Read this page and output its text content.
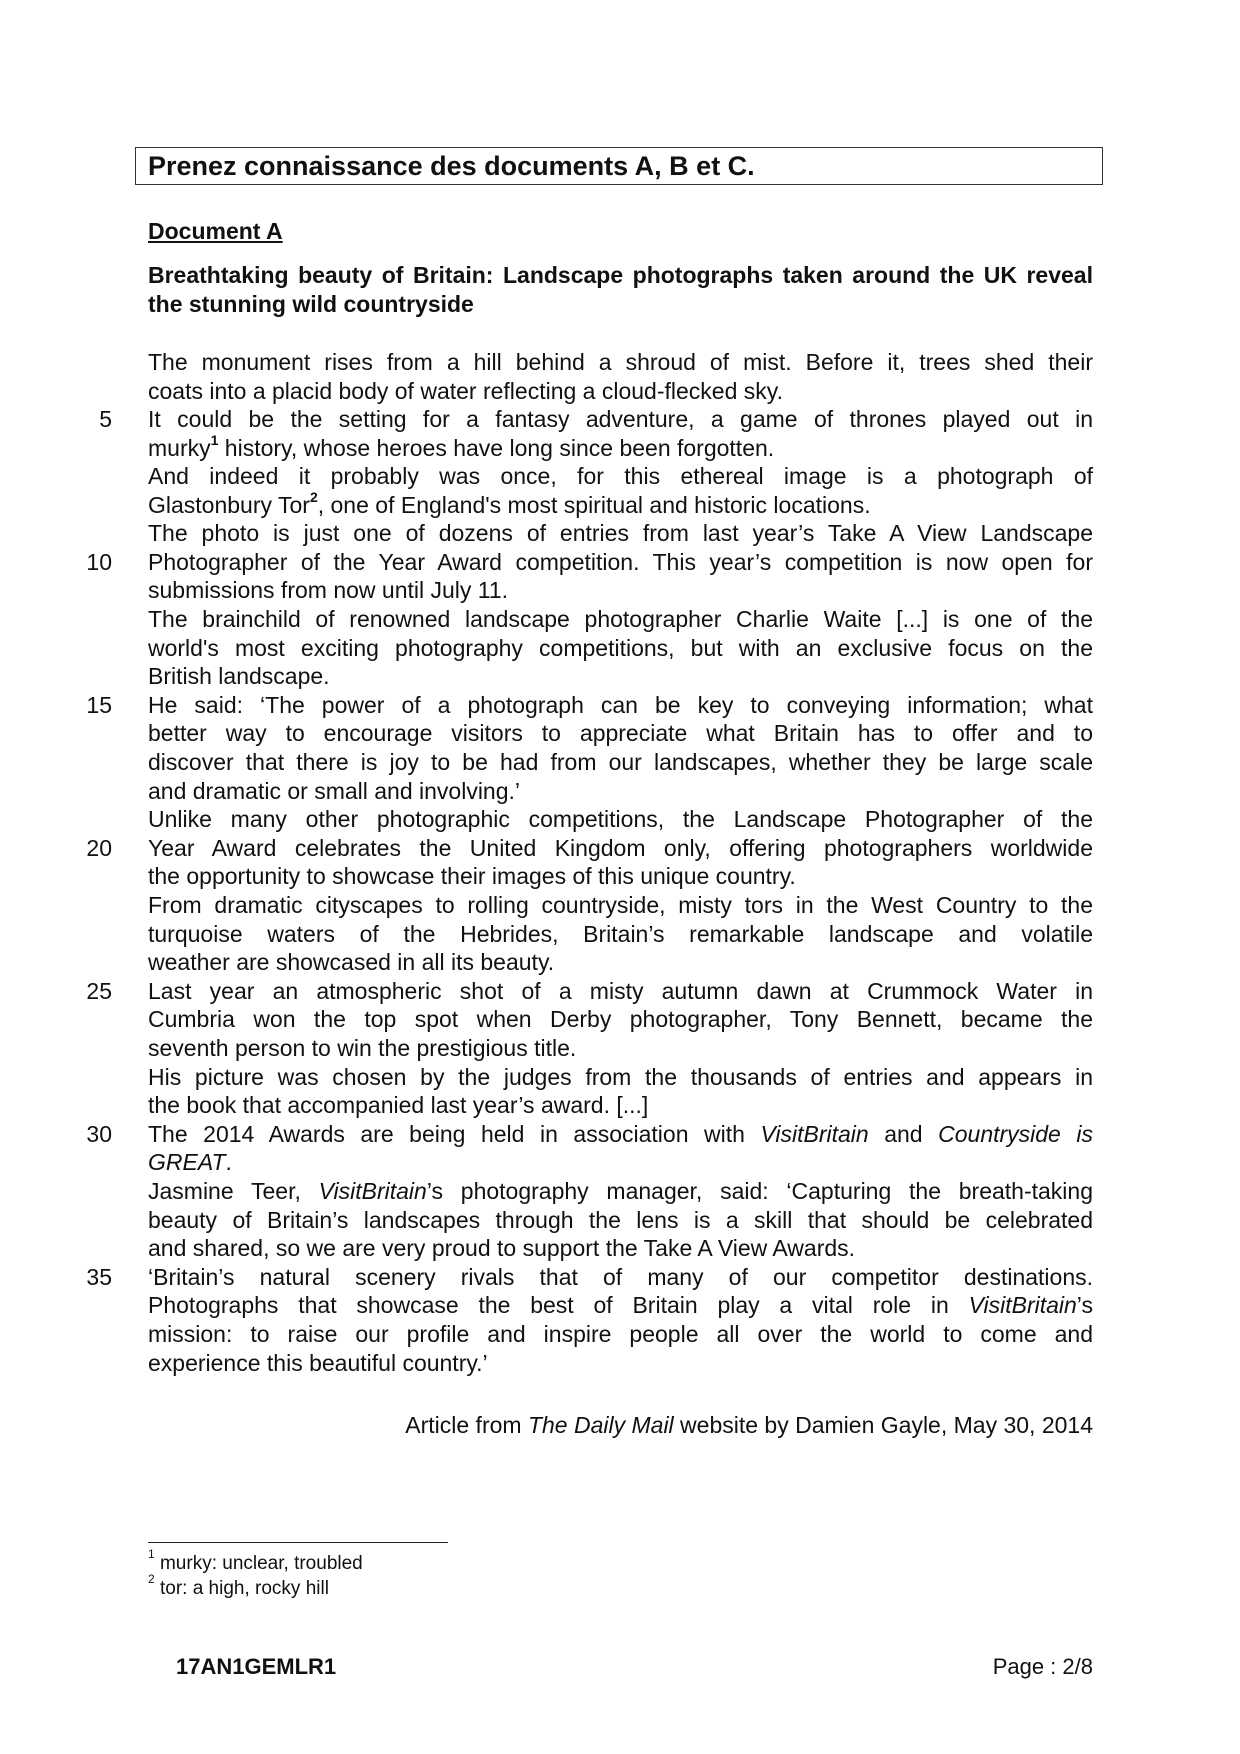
Prenez connaissance des documents A, B et C.
Document A
Breathtaking beauty of Britain: Landscape photographs taken around the UK reveal the stunning wild countryside
5
10
15
20
25
30
35
The monument rises from a hill behind a shroud of mist. Before it, trees shed their
coats into a placid body of water reflecting a cloud-flecked sky.
It could be the setting for a fantasy adventure, a game of thrones played out in
murky$^1$ history, whose heroes have long since been forgotten.
And indeed it probably was once, for this ethereal image is a photograph of
Glastonbury Tor$^2$, one of England's most spiritual and historic locations.
The photo is just one of dozens of entries from last year’s Take A View Landscape
Photographer of the Year Award competition. This year’s competition is now open for
submissions from now until July 11.
The brainchild of renowned landscape photographer Charlie Waite [...] is one of the
world's most exciting photography competitions, but with an exclusive focus on the
British landscape.
He said: ‘The power of a photograph can be key to conveying information; what
better way to encourage visitors to appreciate what Britain has to offer and to
discover that there is joy to be had from our landscapes, whether they be large scale
and dramatic or small and involving.’
Unlike many other photographic competitions, the Landscape Photographer of the
Year Award celebrates the United Kingdom only, offering photographers worldwide
the opportunity to showcase their images of this unique country.
From dramatic cityscapes to rolling countryside, misty tors in the West Country to the
turquoise waters of the Hebrides, Britain’s remarkable landscape and volatile
weather are showcased in all its beauty.
Last year an atmospheric shot of a misty autumn dawn at Crummock Water in
Cumbria won the top spot when Derby photographer, Tony Bennett, became the
seventh person to win the prestigious title.
His picture was chosen by the judges from the thousands of entries and appears in
the book that accompanied last year’s award. [...]
The 2014 Awards are being held in association with VisitBritain and Countryside is
GREAT.
Jasmine Teer, VisitBritain’s photography manager, said: ‘Capturing the breath-taking
beauty of Britain’s landscapes through the lens is a skill that should be celebrated
and shared, so we are very proud to support the Take A View Awards.
‘Britain’s natural scenery rivals that of many of our competitor destinations.
Photographs that showcase the best of Britain play a vital role in VisitBritain’s
mission: to raise our profile and inspire people all over the world to come and
experience this beautiful country.’
Article from The Daily Mail website by Damien Gayle, May 30, 2014
$^1$ murky: unclear, troubled
$^2$ tor: a high, rocky hill
17AN1GEMLR1	Page : 2/8
